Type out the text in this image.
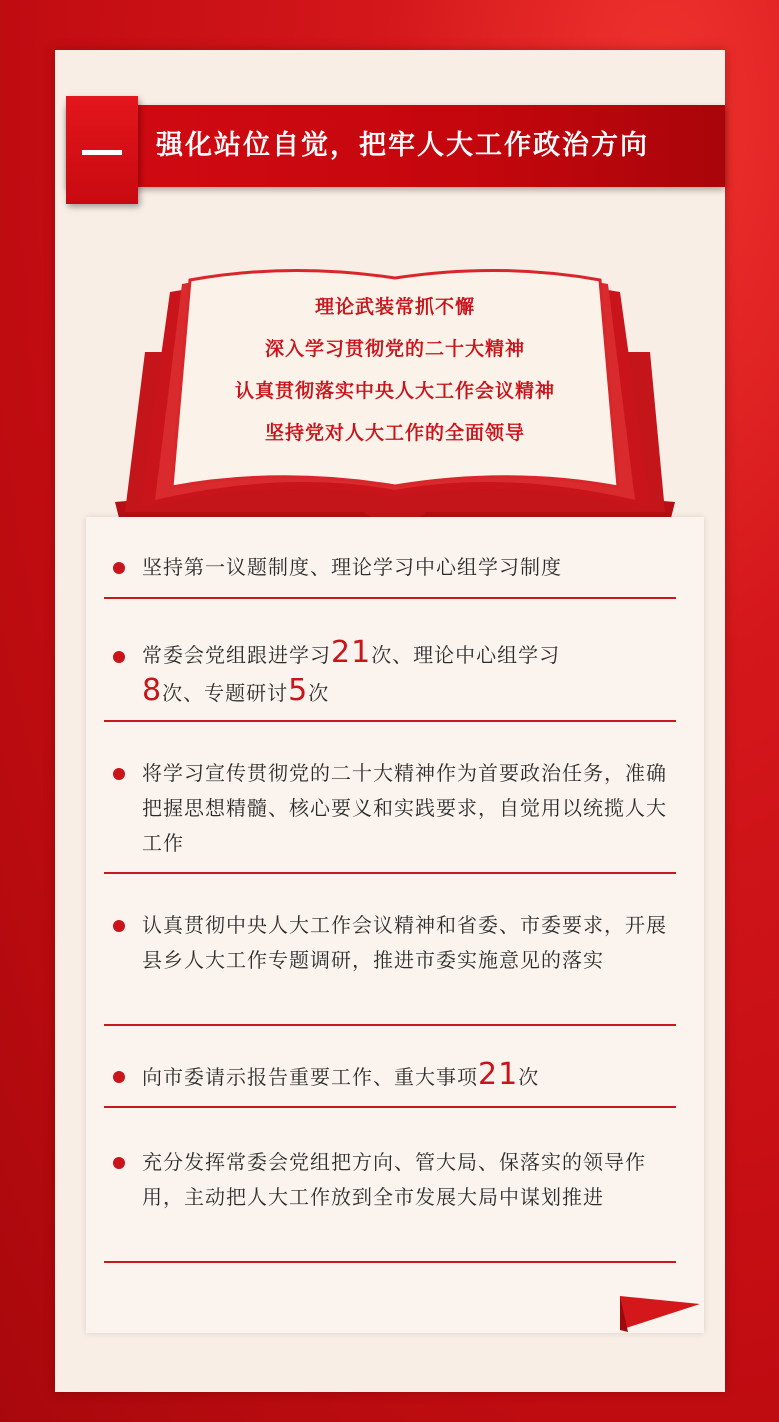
强化站位自觉，把牢人大工作政治方向
理论武装常抓不懈
深入学习贯彻党的二十大精神
认真贯彻落实中央人大工作会议精神
坚持党对人大工作的全面领导
坚持第一议题制度、理论学习中心组学习制度
常委会党组跟进学习21次、理论中心组学习
8次、专题研讨5次
将学习宣传贯彻党的二十大精神作为首要政治任务，准确把握思想精髓、核心要义和实践要求，自觉用以统揽人大工作
认真贯彻中央人大工作会议精神和省委、市委要求，开展县乡人大工作专题调研，推进市委实施意见的落实
向市委请示报告重要工作、重大事项21次
充分发挥常委会党组把方向、管大局、保落实的领导作用，主动把人大工作放到全市发展大局中谋划推进
